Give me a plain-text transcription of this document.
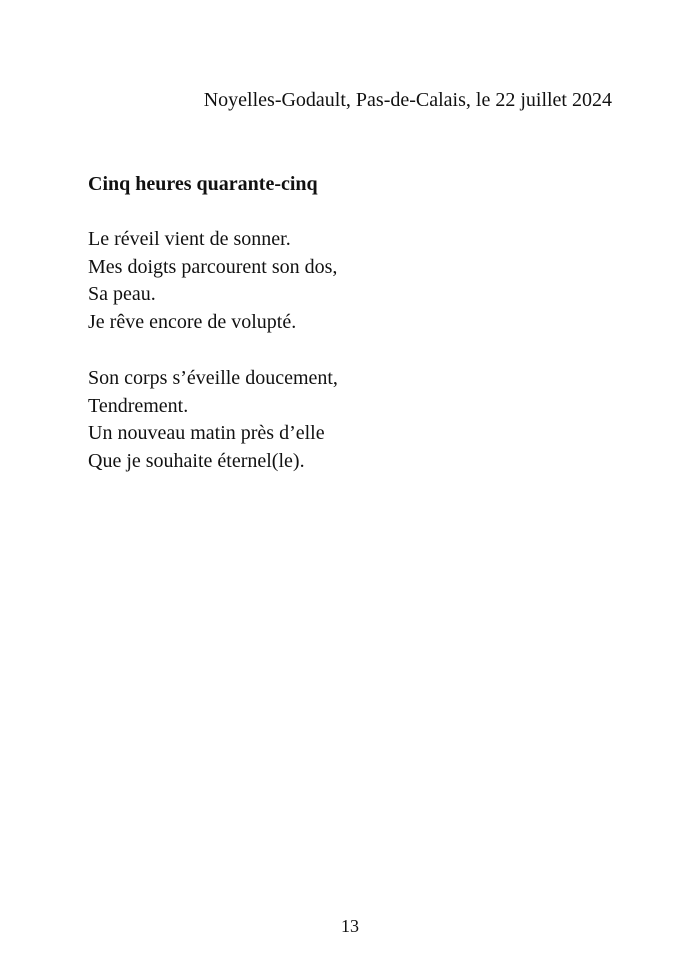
Noyelles-Godault, Pas-de-Calais, le 22 juillet 2024
Cinq heures quarante-cinq
Le réveil vient de sonner.
Mes doigts parcourent son dos,
Sa peau.
Je rêve encore de volupté.
Son corps s’éveille doucement,
Tendrement.
Un nouveau matin près d’elle
Que je souhaite éternel(le).
13
